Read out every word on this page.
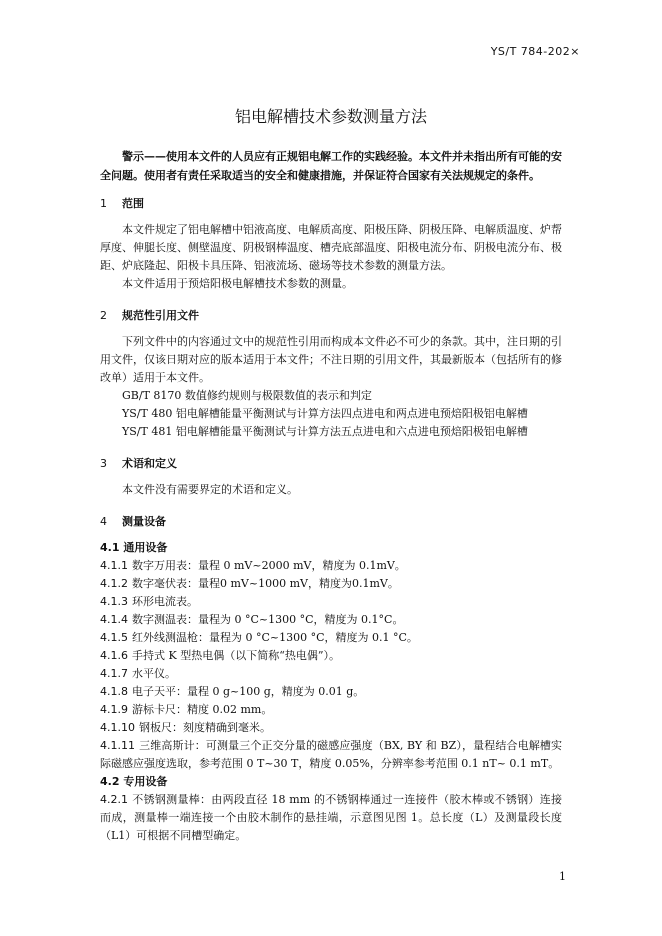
YS/T 784-202×
铝电解槽技术参数测量方法

警示——使用本文件的人员应有正规铝电解工作的实践经验。本文件并未指出所有可能的安全问题。使用者有责任采取适当的安全和健康措施，并保证符合国家有关法规规定的条件。

1 范围

本文件规定了铝电解槽中铝液高度、电解质高度、阳极压降、阴极压降、电解质温度、炉帮厚度、伸腿长度、侧壁温度、阴极钢棒温度、槽壳底部温度、阳极电流分布、阴极电流分布、极距、炉底隆起、阳极卡具压降、铝液流场、磁场等技术参数的测量方法。

本文件适用于预焙阳极电解槽技术参数的测量。

2 规范性引用文件

下列文件中的内容通过文中的规范性引用而构成本文件必不可少的条款。其中，注日期的引用文件，仅该日期对应的版本适用于本文件；不注日期的引用文件，其最新版本（包括所有的修改单）适用于本文件。

GB/T 8170 数值修约规则与极限数值的表示和判定

YS/T 480 铝电解槽能量平衡测试与计算方法四点进电和两点进电预焙阳极铝电解槽

YS/T 481 铝电解槽能量平衡测试与计算方法五点进电和六点进电预焙阳极铝电解槽

3 术语和定义

本文件没有需要界定的术语和定义。

4 测量设备

4.1 通用设备

4.1.1 数字万用表：量程 0 mV~2000 mV，精度为 0.1mV。

4.1.2 数字毫伏表：量程0 mV~1000 mV，精度为0.1mV。

4.1.3 环形电流表。

4.1.4 数字测温表：量程为 0 °C~1300 °C，精度为 0.1°C。

4.1.5 红外线测温枪：量程为 0 °C~1300 °C，精度为 0.1 °C。

4.1.6 手持式 K 型热电偶（以下简称“热电偶”）。

4.1.7 水平仪。

4.1.8 电子天平：量程 0 g~100 g，精度为 0.01 g。

4.1.9 游标卡尺：精度 0.02 mm。

4.1.10 钢板尺：刻度精确到毫米。

4.1.11 三维高斯计：可测量三个正交分量的磁感应强度（BX, BY 和 BZ），量程结合电解槽实际磁感应强度选取，参考范围 0 T~30 T，精度 0.05%，分辨率参考范围 0.1 nT~ 0.1 mT。

4.2 专用设备

4.2.1 不锈钢测量棒：由两段直径 18 mm 的不锈钢棒通过一连接件（胶木棒或不锈钢）连接而成，测量棒一端连接一个由胶木制作的悬挂端，示意图见图 1。总长度（L）及测量段长度（L1）可根据不同槽型确定。

1
